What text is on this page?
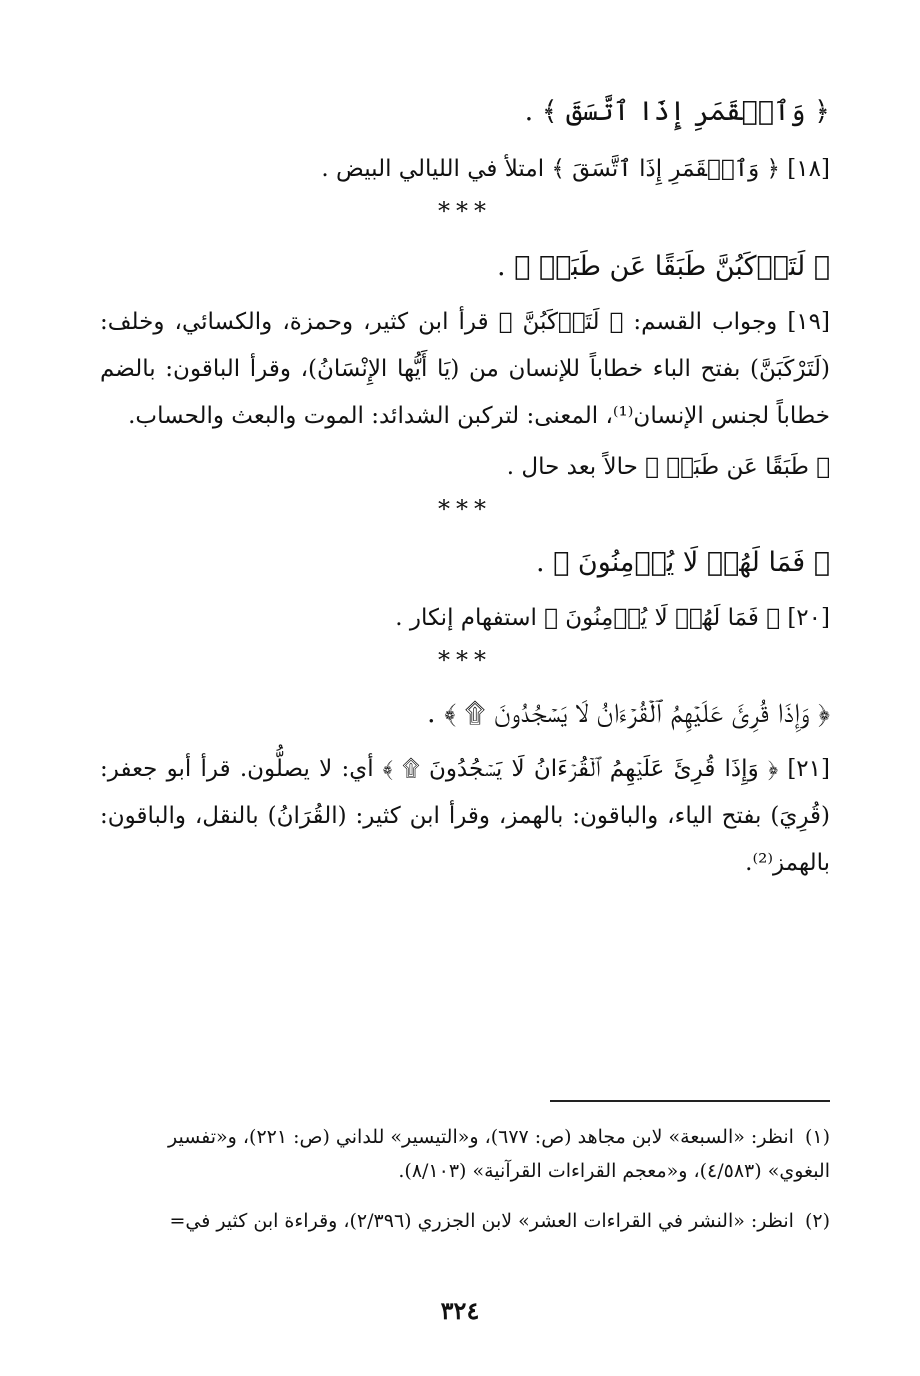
﴿ وَٱلۡقَمَرِ إِذَا ٱتَّسَقَ ﴾ .

[١٨] ﴿ وَٱلۡقَمَرِ إِذَا ٱتَّسَقَ ﴾ امتلأ في الليالي البيض .

***

﴿ لَتَرۡكَبُنَّ طَبَقًا عَن طَبَقٖ ﴾ .

[١٩] وجواب القسم: ﴿ لَتَرۡكَبُنَّ ﴾ قرأ ابن كثير، وحمزة، والكسائي، وخلف: (لَتَرْكَبَنَّ) بفتح الباء خطاباً للإنسان من (يَا أَيُّها الإِنْسَانُ)، وقرأ الباقون: بالضم خطاباً لجنس الإنسان⁽¹⁾، المعنى: لتركبن الشدائد: الموت والبعث والحساب.

﴿ طَبَقًا عَن طَبَقٖ ﴾ حالاً بعد حال .

***

﴿ فَمَا لَهُمۡ لَا يُؤۡمِنُونَ ﴾ .

[٢٠] ﴿ فَمَا لَهُمۡ لَا يُؤۡمِنُونَ ﴾ استفهام إنكار .

***

﴿ وَإِذَا قُرِئَ عَلَيۡهِمُ ٱلۡقُرۡءَانُ لَا يَسۡجُدُونَ ۩ ﴾ .

[٢١] ﴿ وَإِذَا قُرِئَ عَلَيۡهِمُ ٱلۡقُرۡءَانُ لَا يَسۡجُدُونَ ۩ ﴾ أي: لا يصلُّون. قرأ أبو جعفر: (قُرِيَ) بفتح الياء، والباقون: بالهمز، وقرأ ابن كثير: (القُرَانُ) بالنقل، والباقون: بالهمز⁽²⁾.

(١) انظر: «السبعة» لابن مجاهد (ص: ٦٧٧)، و«التيسير» للداني (ص: ٢٢١)، و«تفسير البغوي» (٤/٥٨٣)، و«معجم القراءات القرآنية» (٨/١٠٣).
(٢) انظر: «النشر في القراءات العشر» لابن الجزري (٢/٣٩٦)، وقراءة ابن كثير في=
٣٢٤
